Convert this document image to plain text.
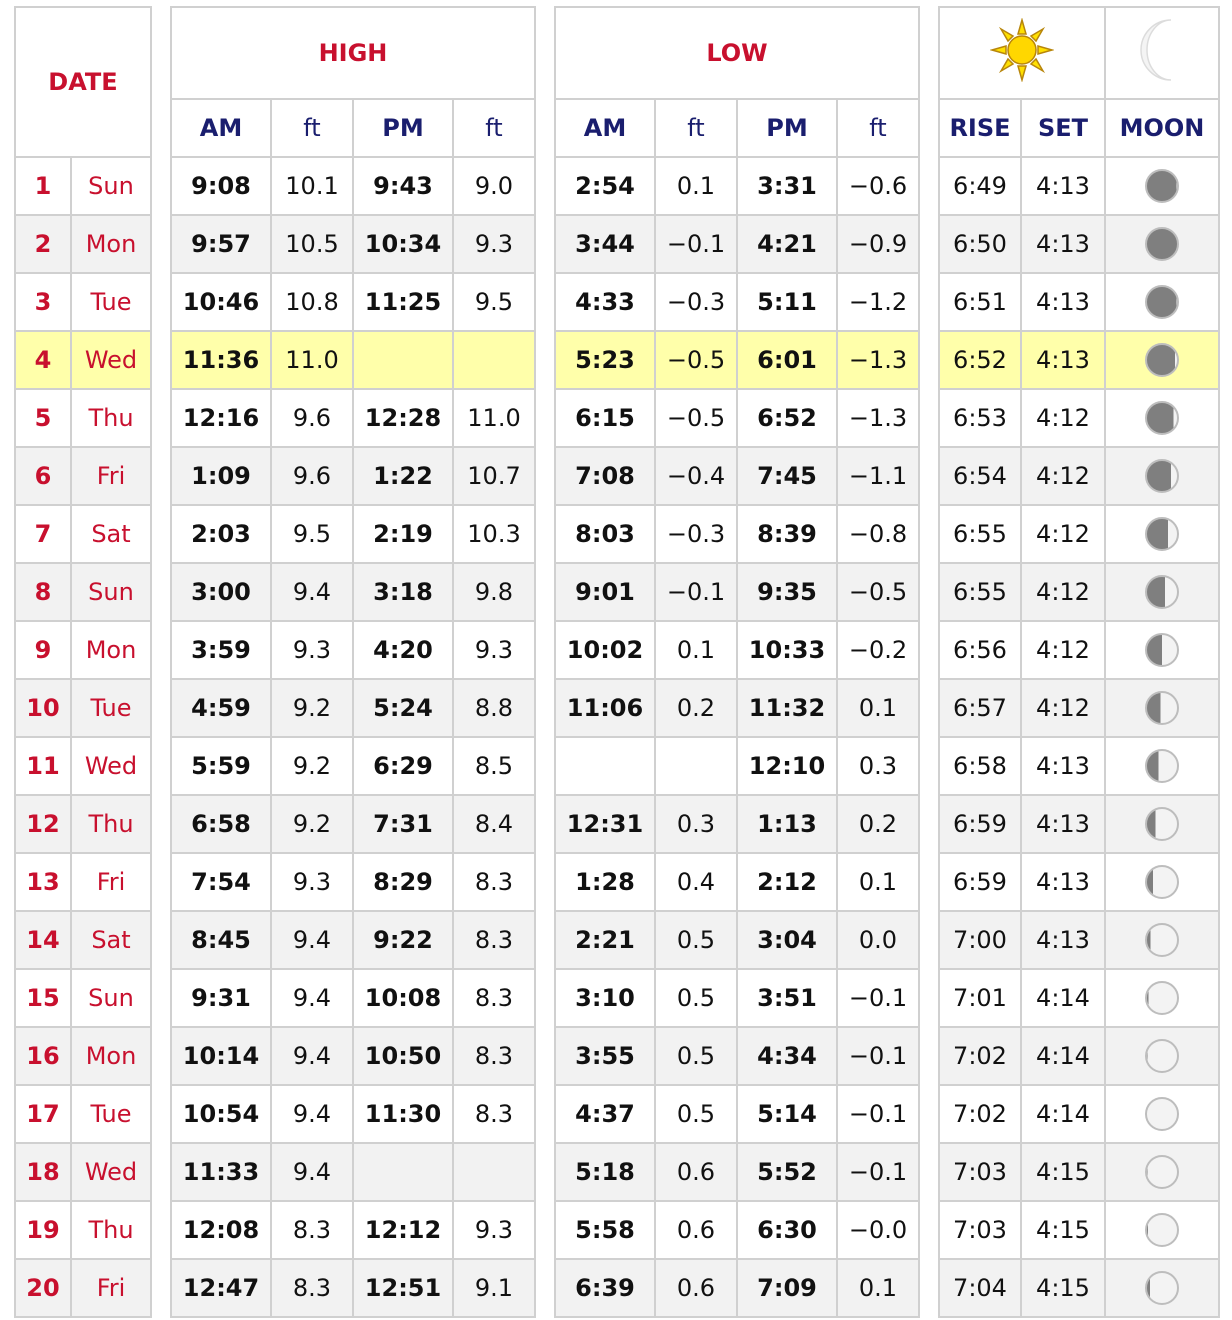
DATE			HIGH					LOW			
			AM	ft	PM	ft		AM	ft	PM	ft		RISE	SET	MOON
1	Sun		9:08	10.1	9:43	9.0		2:54	0.1	3:31	−0.6		6:49	4:13	
2	Mon		9:57	10.5	10:34	9.3		3:44	−0.1	4:21	−0.9		6:50	4:13	
3	Tue		10:46	10.8	11:25	9.5		4:33	−0.3	5:11	−1.2		6:51	4:13	
4	Wed		11:36	11.0				5:23	−0.5	6:01	−1.3		6:52	4:13	
5	Thu		12:16	9.6	12:28	11.0		6:15	−0.5	6:52	−1.3		6:53	4:12	
6	Fri		1:09	9.6	1:22	10.7		7:08	−0.4	7:45	−1.1		6:54	4:12	
7	Sat		2:03	9.5	2:19	10.3		8:03	−0.3	8:39	−0.8		6:55	4:12	
8	Sun		3:00	9.4	3:18	9.8		9:01	−0.1	9:35	−0.5		6:55	4:12	
9	Mon		3:59	9.3	4:20	9.3		10:02	0.1	10:33	−0.2		6:56	4:12	
10	Tue		4:59	9.2	5:24	8.8		11:06	0.2	11:32	0.1		6:57	4:12	
11	Wed		5:59	9.2	6:29	8.5				12:10	0.3		6:58	4:13	
12	Thu		6:58	9.2	7:31	8.4		12:31	0.3	1:13	0.2		6:59	4:13	
13	Fri		7:54	9.3	8:29	8.3		1:28	0.4	2:12	0.1		6:59	4:13	
14	Sat		8:45	9.4	9:22	8.3		2:21	0.5	3:04	0.0		7:00	4:13	
15	Sun		9:31	9.4	10:08	8.3		3:10	0.5	3:51	−0.1		7:01	4:14	
16	Mon		10:14	9.4	10:50	8.3		3:55	0.5	4:34	−0.1		7:02	4:14	
17	Tue		10:54	9.4	11:30	8.3		4:37	0.5	5:14	−0.1		7:02	4:14	
18	Wed		11:33	9.4				5:18	0.6	5:52	−0.1		7:03	4:15	
19	Thu		12:08	8.3	12:12	9.3		5:58	0.6	6:30	−0.0		7:03	4:15	
20	Fri		12:47	8.3	12:51	9.1		6:39	0.6	7:09	0.1		7:04	4:15	
